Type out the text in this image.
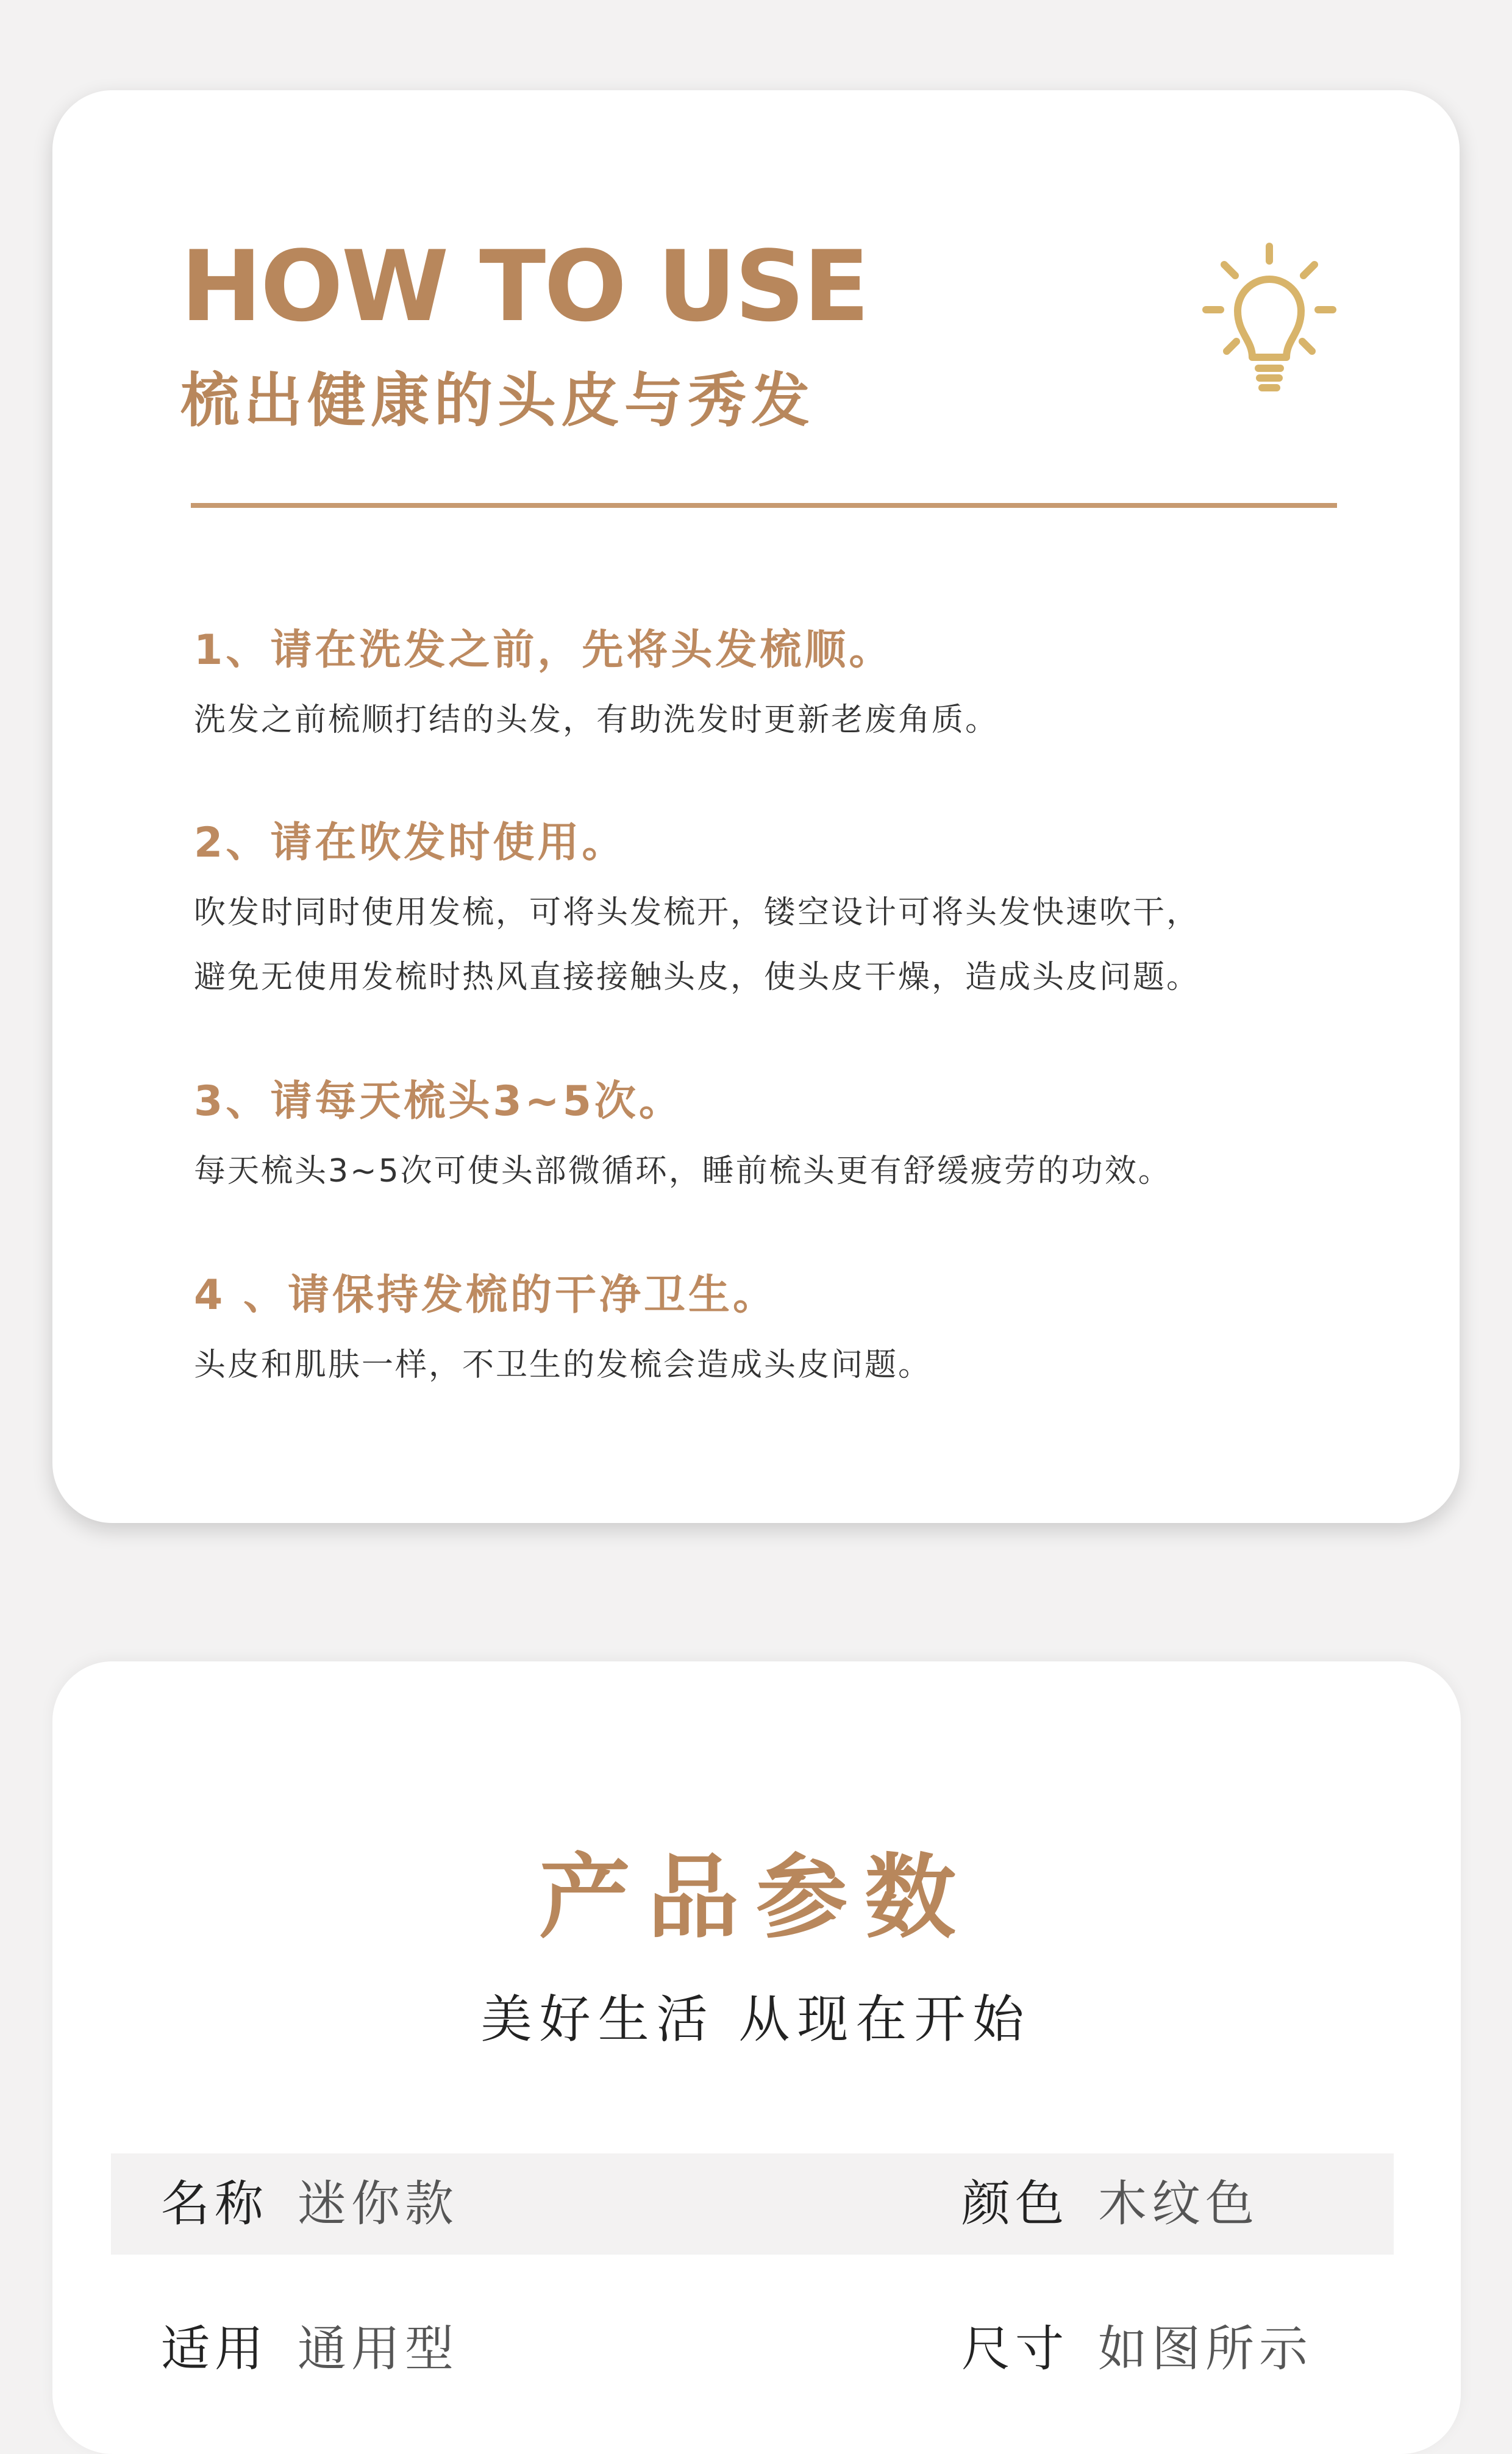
HOW TO USE
梳出健康的头皮与秀发

1、请在洗发之前，先将头发梳顺。

洗发之前梳顺打结的头发，有助洗发时更新老废角质。

2、请在吹发时使用。

吹发时同时使用发梳，可将头发梳开，镂空设计可将头发快速吹干，

避免无使用发梳时热风直接接触头皮，使头皮干燥，造成头皮问题。

3、请每天梳头3~5次。

每天梳头3~5次可使头部微循环，睡前梳头更有舒缓疲劳的功效。

4 、请保持发梳的干净卫生。

头皮和肌肤一样，不卫生的发梳会造成头皮问题。

产品参数

美好生活 从现在开始

名称 迷你款	颜色 木纹色
适用 通用型	尺寸 如图所示
